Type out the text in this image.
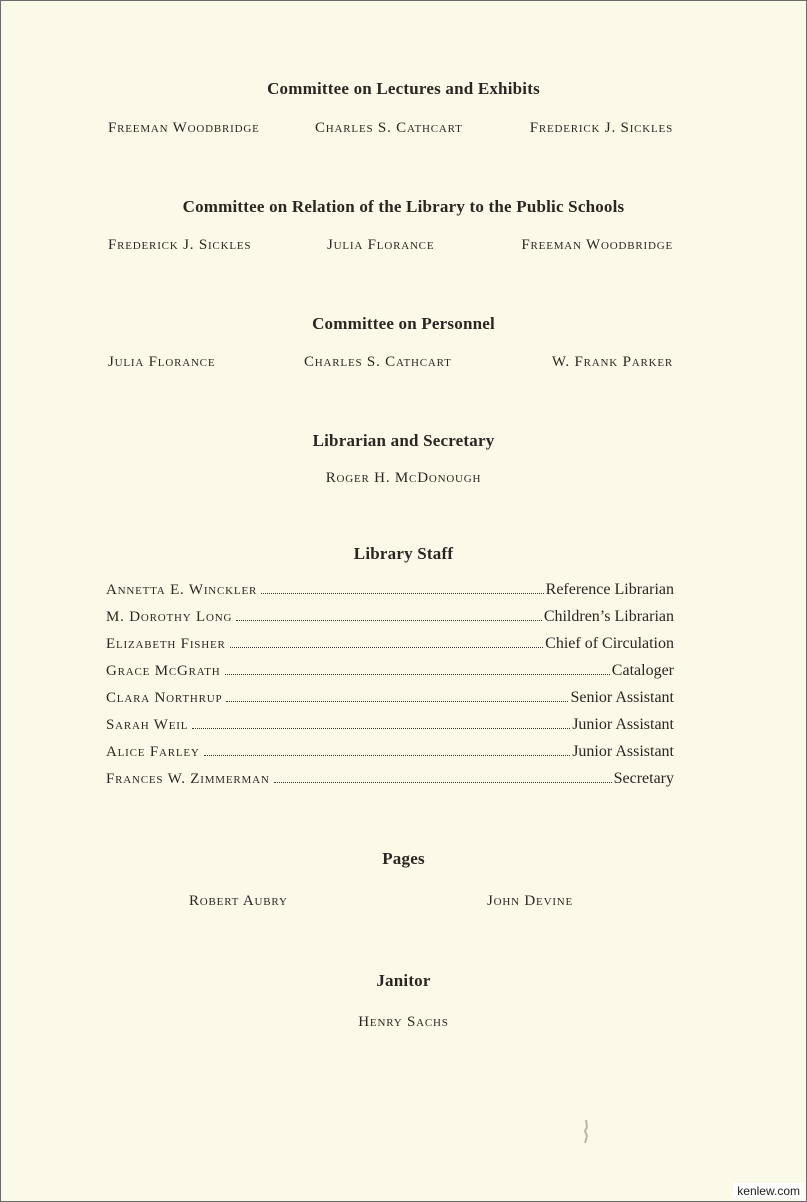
Committee on Lectures and Exhibits
Freeman Woodbridge	Charles S. Cathcart	Frederick J. Sickles
Committee on Relation of the Library to the Public Schools
Frederick J. Sickles	Julia Florance	Freeman Woodbridge
Committee on Personnel
Julia Florance	Charles S. Cathcart	W. Frank Parker
Librarian and Secretary
Roger H. McDonough
Library Staff
Annetta E. Winckler	Reference Librarian
M. Dorothy Long	Children’s Librarian
Elizabeth Fisher	Chief of Circulation
Grace McGrath	Cataloger
Clara Northrup	Senior Assistant
Sarah Weil	Junior Assistant
Alice Farley	Junior Assistant
Frances W. Zimmerman	Secretary
Pages
Robert Aubry	John Devine
Janitor
Henry Sachs
kenlew.com
